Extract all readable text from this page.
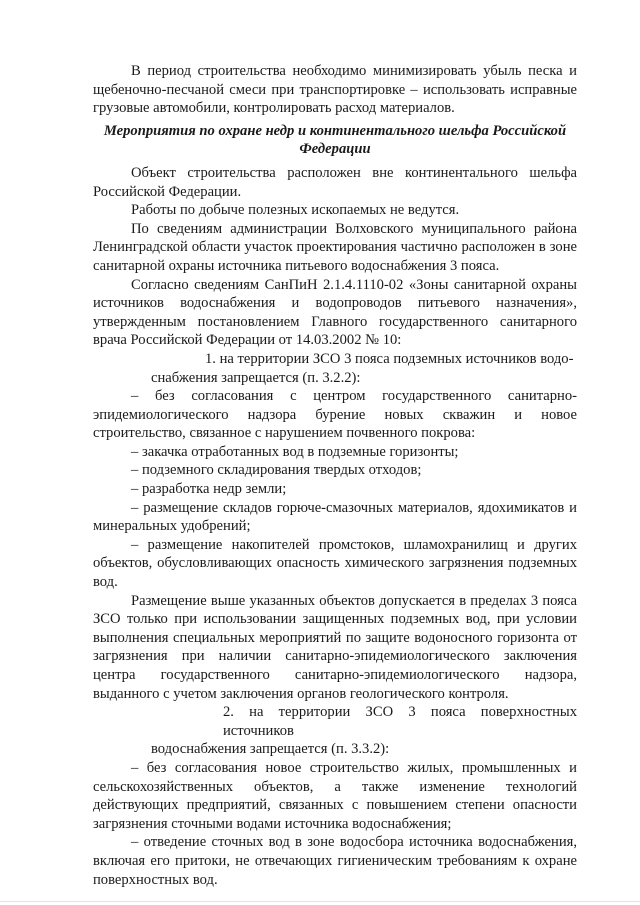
В период строительства необходимо минимизировать убыль песка и щебеночно-песчаной смеси при транспортировке – использовать исправные грузовые автомобили, контролировать расход материалов.

Мероприятия по охране недр и континентального шельфа Российской Федерации

Объект строительства расположен вне континентального шельфа Российской Федерации.

Работы по добыче полезных ископаемых не ведутся.

По сведениям администрации Волховского муниципального района Ленинградской области участок проектирования частично расположен в зоне санитарной охраны источника питьевого водоснабжения 3 пояса.

Согласно сведениям СанПиН 2.1.4.1110-02 «Зоны санитарной охраны источников водоснабжения и водопроводов питьевого назначения», утвержденным постановлением Главного государственного санитарного врача Российской Федерации от 14.03.2002 № 10:

1. на территории ЗСО 3 пояса подземных источников водо-

снабжения запрещается (п. 3.2.2):

– без согласования с центром государственного санитарно-эпидемиологического надзора бурение новых скважин и новое строительство, связанное с нарушением почвенного покрова:

– закачка отработанных вод в подземные горизонты;

– подземного складирования твердых отходов;

– разработка недр земли;

– размещение складов горюче-смазочных материалов, ядохимикатов и минеральных удобрений;

– размещение накопителей промстоков, шламохранилищ и других объектов, обусловливающих опасность химического загрязнения подземных вод.

Размещение выше указанных объектов допускается в пределах 3 пояса ЗСО только при использовании защищенных подземных вод, при условии выполнения специальных мероприятий по защите водоносного горизонта от загрязнения при наличии санитарно-эпидемиологического заключения центра государственного санитарно-эпидемиологического надзора, выданного с учетом заключения органов геологического контроля.

2. на территории ЗСО 3 пояса поверхностных источников

водоснабжения запрещается (п. 3.3.2):

– без согласования новое строительство жилых, промышленных и сельскохозяйственных объектов, а также изменение технологий действующих предприятий, связанных с повышением степени опасности загрязнения сточными водами источника водоснабжения;

– отведение сточных вод в зоне водосбора источника водоснабжения, включая его притоки, не отвечающих гигиеническим требованиям к охране поверхностных вод.
